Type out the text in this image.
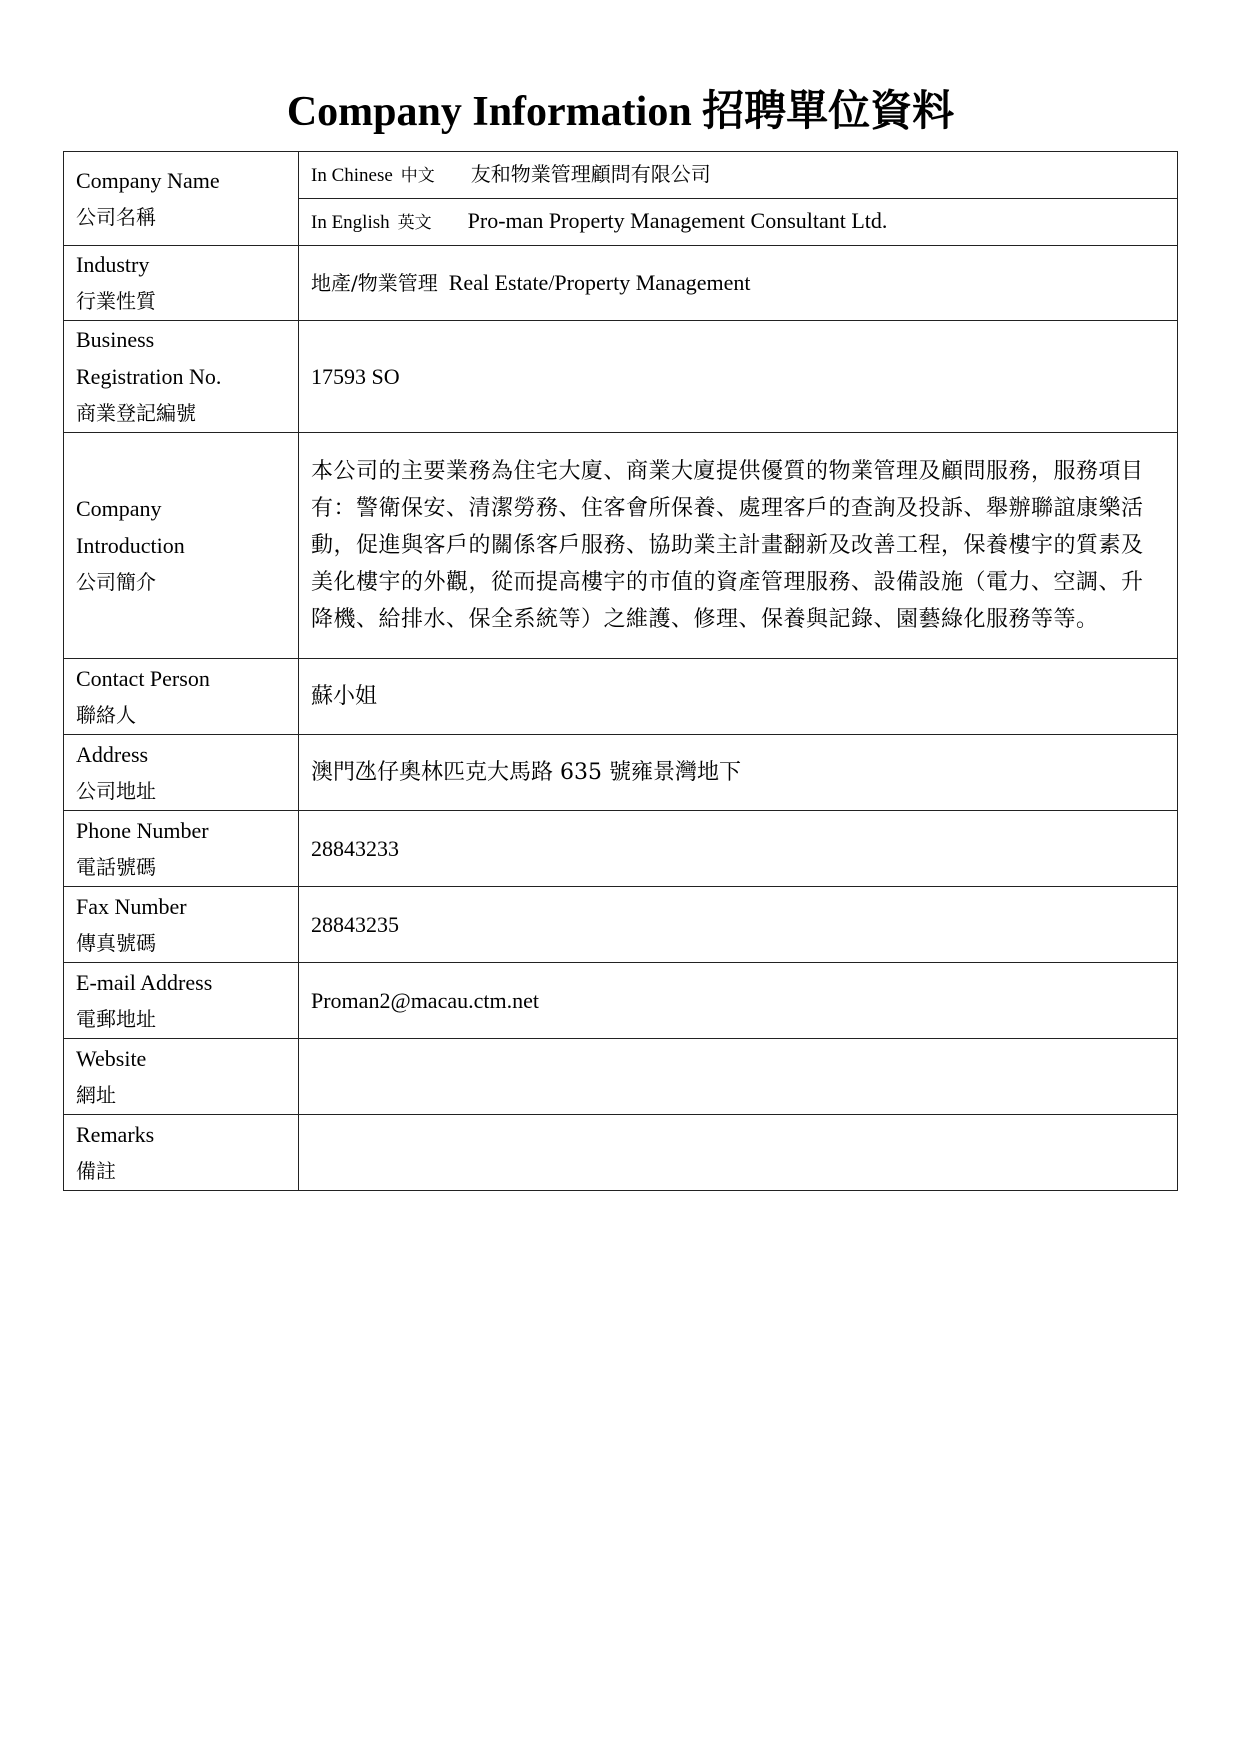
Company Information 招聘單位資料
Company Name
公司名稱	In Chinese 中文 友和物業管理顧問有限公司
	In English 英文 Pro-man Property Management Consultant Ltd.

Industry
行業性質	地產/物業管理 Real Estate/Property Management

Business
Registration No.
商業登記編號	17593 SO

Company
Introduction
公司簡介	本公司的主要業務為住宅大廈、商業大廈提供優質的物業管理及顧問服務，服務項目有：警衛保安、清潔勞務、住客會所保養、處理客戶的查詢及投訴、舉辦聯誼康樂活動，促進與客戶的關係客戶服務、協助業主計畫翻新及改善工程，保養樓宇的質素及美化樓宇的外觀，從而提高樓宇的市值的資產管理服務、設備設施（電力、空調、升降機、給排水、保全系統等）之維護、修理、保養與記錄、園藝綠化服務等等。

Contact Person
聯絡人	蘇小姐

Address
公司地址	澳門氹仔奧林匹克大馬路 635 號雍景灣地下

Phone Number
電話號碼	28843233

Fax Number
傳真號碼	28843235

E-mail Address
電郵地址	Proman2@macau.ctm.net

Website
網址	

Remarks
備註	
